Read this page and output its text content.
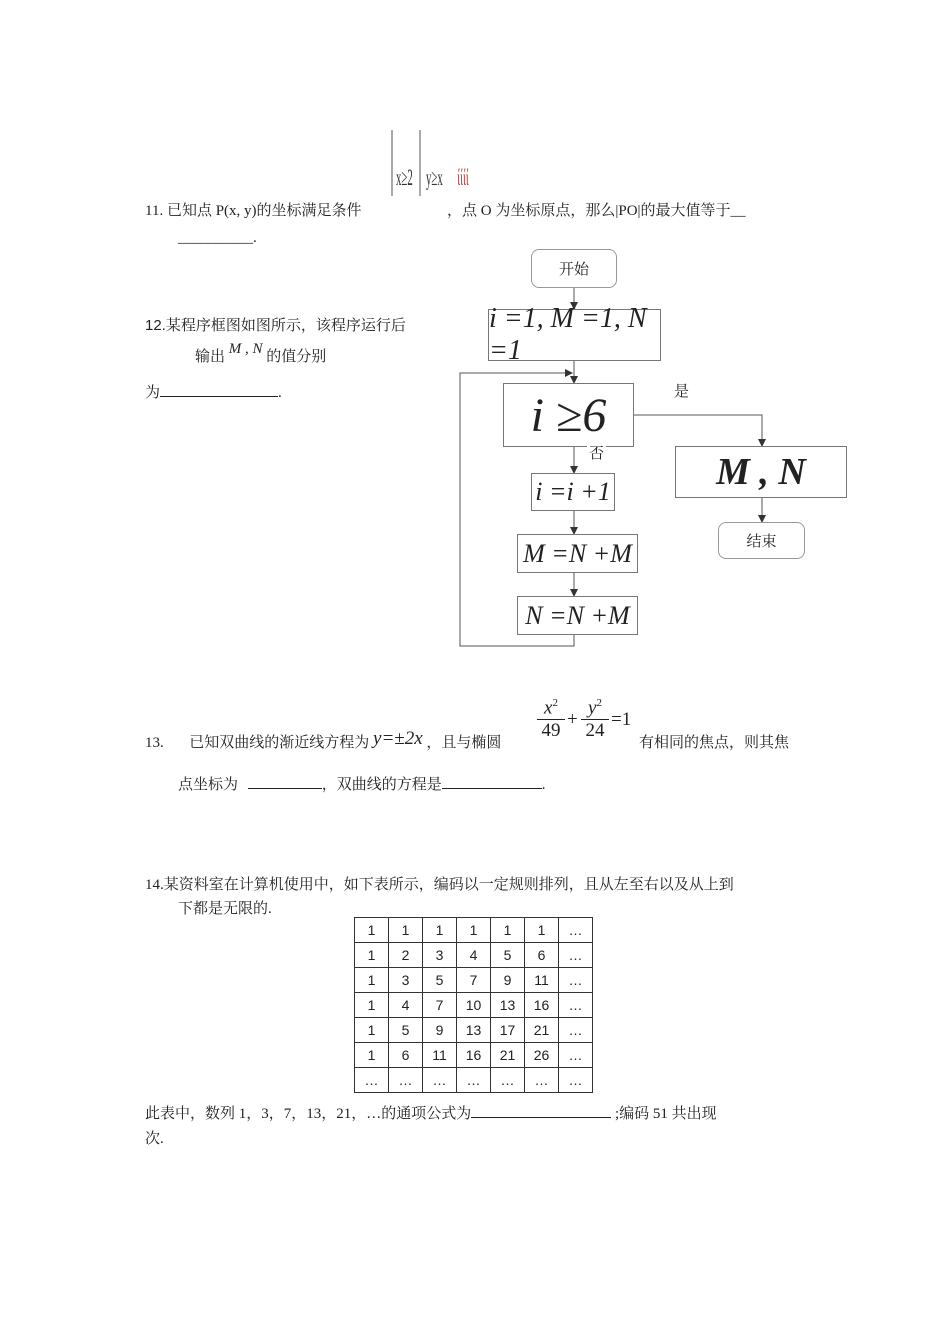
x≥2 y≥x ίίίί
11. 已知点 P(x, y)的坐标满足条件	，点 O 为坐标原点，那么|PO|的最大值等于__
__________.
12.某程序框图如图所示，该程序运行后
输出 M , N 的值分别
为	.
开始
i =1, M =1, N =1
i ≥6	是
否
i =i +1
M =N +M
N =N +M
M , N
结束
13. 已知双曲线的渐近线方程为 y=±2x ，且与椭圆
$x^2$
49
+
$y^2$
24
=1
有相同的焦点，则其焦
点坐标为	，双曲线的方程是	.
14.某资料室在计算机使用中，如下表所示，编码以一定规则排列，且从左至右以及从上到
下都是无限的.
1	1	1	1	1	1	…
1	2	3	4	5	6	…
1	3	5	7	9	11	…
1	4	7	10	13	16	…
1	5	9	13	17	21	…
1	6	11	16	21	26	…
…	…	…	…	…	…	…
此表中，数列 1，3，7，13，21，…的通项公式为	;编码 51 共出现
次.
